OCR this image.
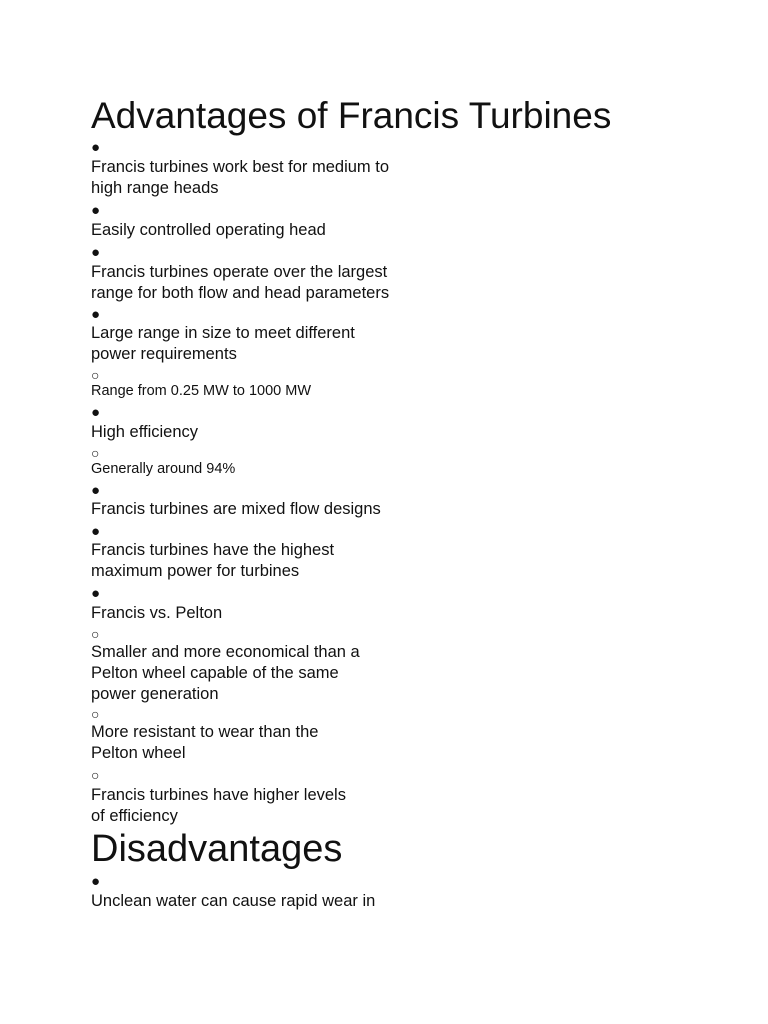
Advantages of Francis Turbines
●
Francis turbines work best for medium to
high range heads
●
Easily controlled operating head
●
Francis turbines operate over the largest
range for both flow and head parameters
●
Large range in size to meet different
power requirements
○
Range from 0.25 MW to 1000 MW
●
High efficiency
○
Generally around 94%
●
Francis turbines are mixed flow designs
●
Francis turbines have the highest
maximum power for turbines
●
Francis vs. Pelton
○
Smaller and more economical than a
Pelton wheel capable of the same
power generation
○
More resistant to wear than the
Pelton wheel
○
Francis turbines have higher levels
of efficiency
Disadvantages
●
Unclean water can cause rapid wear in
